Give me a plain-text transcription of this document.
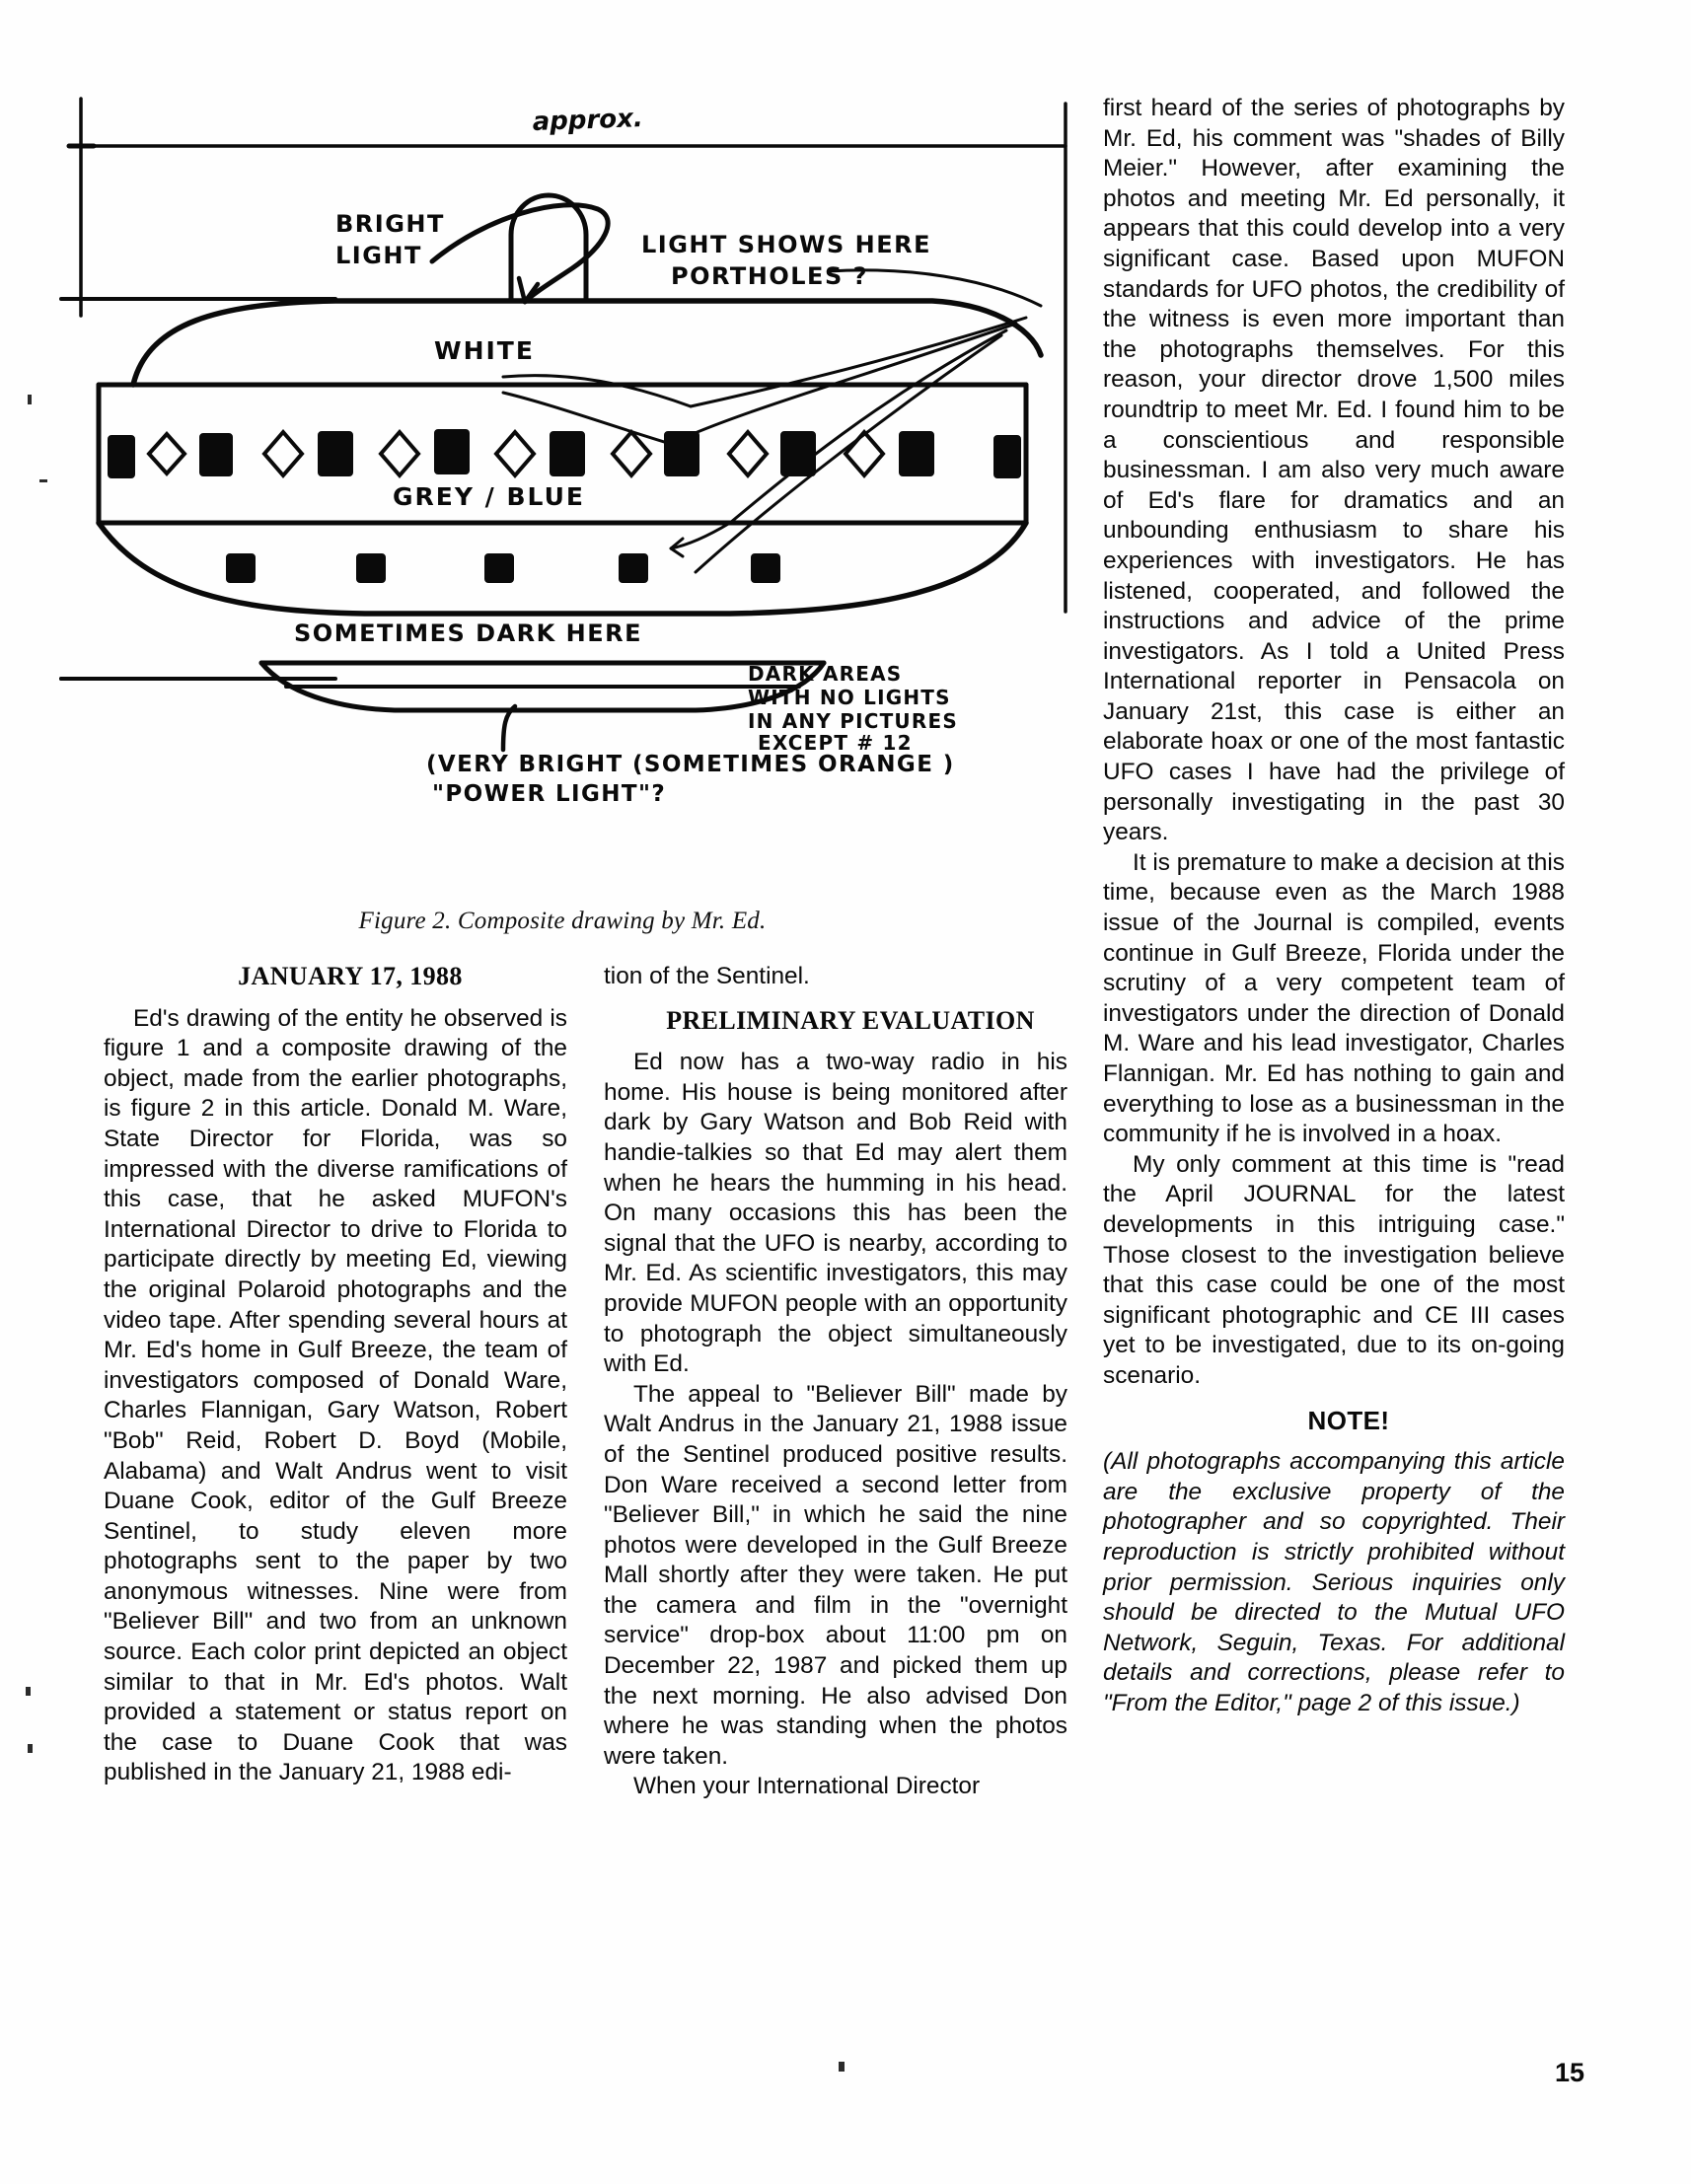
approx.
BRIGHT
LIGHT	LIGHT SHOWS HERE
PORTHOLES ?
WHITE
GREY / BLUE
SOMETIMES DARK HERE
DARK AREAS
WITH NO LIGHTS
IN ANY PICTURES
EXCEPT # 12
(VERY BRIGHT (SOMETIMES ORANGE )
"POWER LIGHT"?
Figure 2. Composite drawing by Mr. Ed.

JANUARY 17, 1988

Ed's drawing of the entity he observed is figure 1 and a composite drawing of the object, made from the earlier photographs, is figure 2 in this article. Donald M. Ware, State Director for Florida, was so impressed with the diverse ramifications of this case, that he asked MUFON's International Director to drive to Florida to participate directly by meeting Ed, viewing the original Polaroid photographs and the video tape. After spending several hours at Mr. Ed's home in Gulf Breeze, the team of investigators composed of Donald Ware, Charles Flannigan, Gary Watson, Robert "Bob" Reid, Robert D. Boyd (Mobile, Alabama) and Walt Andrus went to visit Duane Cook, editor of the Gulf Breeze Sentinel, to study eleven more photographs sent to the paper by two anonymous witnesses. Nine were from "Believer Bill" and two from an unknown source. Each color print depicted an object similar to that in Mr. Ed's photos. Walt provided a statement or status report on the case to Duane Cook that was published in the January 21, 1988 edi-

tion of the Sentinel.

PRELIMINARY EVALUATION

Ed now has a two-way radio in his home. His house is being monitored after dark by Gary Watson and Bob Reid with handie-talkies so that Ed may alert them when he hears the humming in his head. On many occasions this has been the signal that the UFO is nearby, according to Mr. Ed. As scientific investigators, this may provide MUFON people with an opportunity to photograph the object simultaneously with Ed.

The appeal to "Believer Bill" made by Walt Andrus in the January 21, 1988 issue of the Sentinel produced positive results. Don Ware received a second letter from "Believer Bill," in which he said the nine photos were developed in the Gulf Breeze Mall shortly after they were taken. He put the camera and film in the "overnight service" drop-box about 11:00 pm on December 22, 1987 and picked them up the next morning. He also advised Don where he was standing when the photos were taken.

When your International Director

first heard of the series of photographs by Mr. Ed, his comment was "shades of Billy Meier." However, after examining the photos and meeting Mr. Ed personally, it appears that this could develop into a very significant case. Based upon MUFON standards for UFO photos, the credibility of the witness is even more important than the photographs themselves. For this reason, your director drove 1,500 miles roundtrip to meet Mr. Ed. I found him to be a conscientious and responsible businessman. I am also very much aware of Ed's flare for dramatics and an unbounding enthusiasm to share his experiences with investigators. He has listened, cooperated, and followed the instructions and advice of the prime investigators. As I told a United Press International reporter in Pensacola on January 21st, this case is either an elaborate hoax or one of the most fantastic UFO cases I have had the privilege of personally investigating in the past 30 years.

It is premature to make a decision at this time, because even as the March 1988 issue of the Journal is compiled, events continue in Gulf Breeze, Florida under the scrutiny of a very competent team of investigators under the direction of Donald M. Ware and his lead investigator, Charles Flannigan. Mr. Ed has nothing to gain and everything to lose as a businessman in the community if he is involved in a hoax.

My only comment at this time is "read the April JOURNAL for the latest developments in this intriguing case." Those closest to the investigation believe that this case could be one of the most significant photographic and CE III cases yet to be investigated, due to its on-going scenario.

NOTE!

(All photographs accompanying this article are the exclusive property of the photographer and so copyrighted. Their reproduction is strictly prohibited without prior permission. Serious inquiries only should be directed to the Mutual UFO Network, Seguin, Texas. For additional details and corrections, please refer to "From the Editor," page 2 of this issue.)

15
